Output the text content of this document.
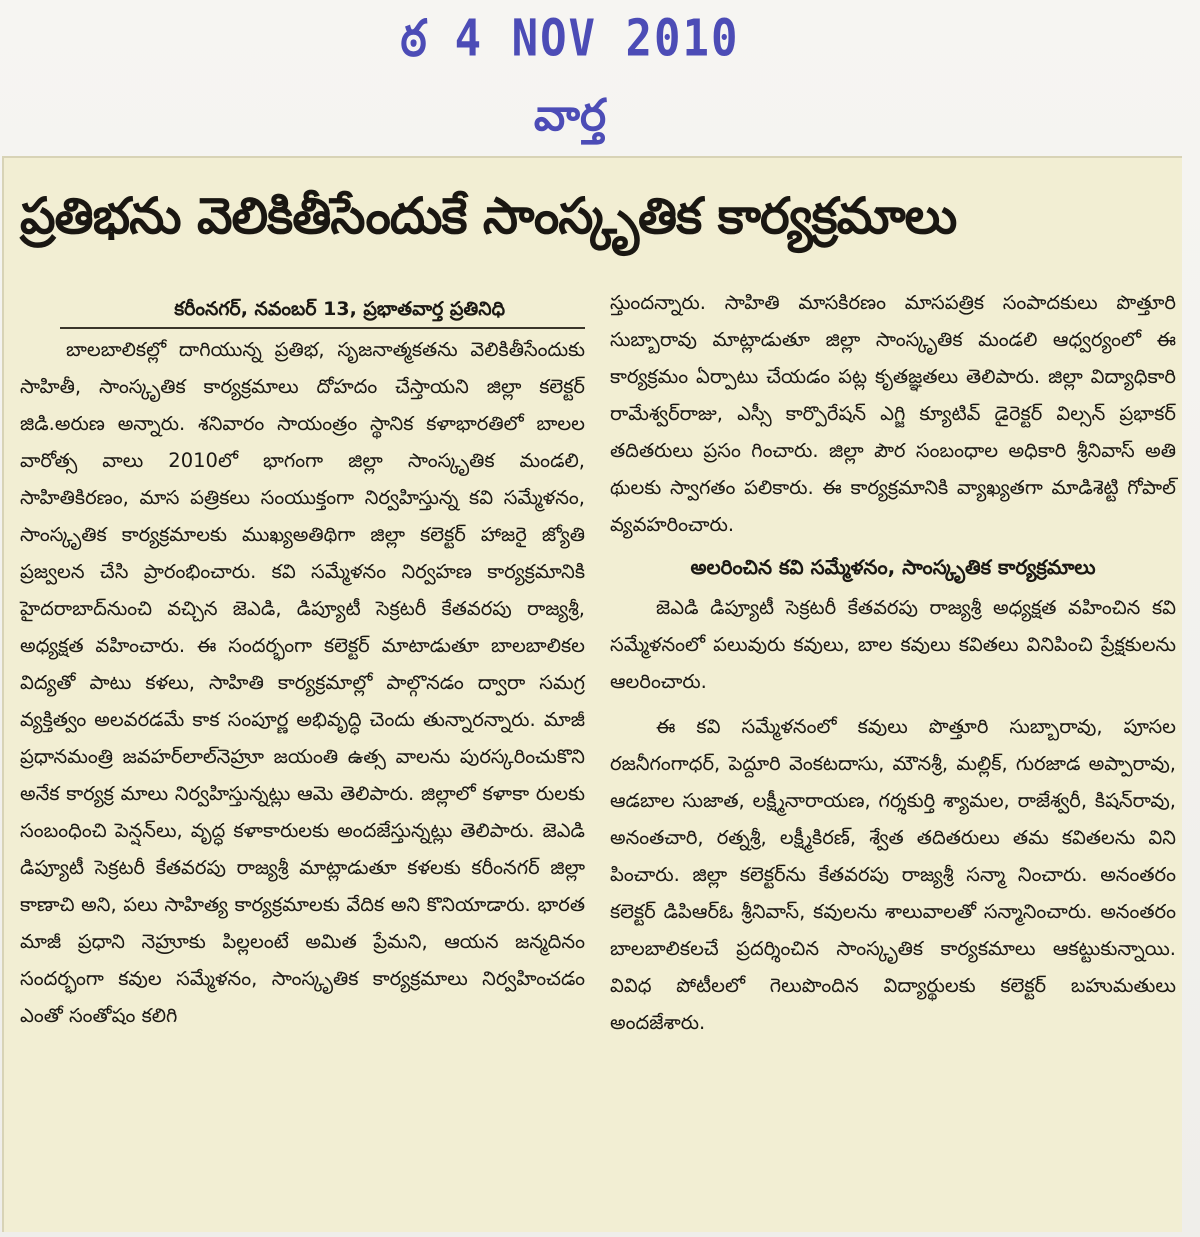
ఠ 4 NOV 2010
వార్త
ప్రతిభను వెలికితీసేందుకే సాంస్కృతిక కార్యక్రమాలు
కరీంనగర్, నవంబర్ 13, ప్రభాతవార్త ప్రతినిధి

బాలబాలికల్లో దాగియున్న ప్రతిభ, సృజనాత్మకతను వెలికితీసేందుకు సాహితీ, సాంస్కృతిక కార్యక్రమాలు దోహదం చేస్తాయని జిల్లా కలెక్టర్ జిడి.అరుణ అన్నారు. శనివారం సాయంత్రం స్థానిక కళాభారతిలో బాలల వారోత్స వాలు 2010లో భాగంగా జిల్లా సాంస్కృతిక మండలి, సాహితికిరణం, మాస పత్రికలు సంయుక్తంగా నిర్వహిస్తున్న కవి సమ్మేళనం, సాంస్కృతిక కార్యక్రమాలకు ముఖ్యఅతిథిగా జిల్లా కలెక్టర్ హాజరై జ్యోతి ప్రజ్వలన చేసి ప్రారంభించారు. కవి సమ్మేళనం నిర్వహణ కార్యక్రమానికి హైదరాబాద్‌నుంచి వచ్చిన జెఎడి, డిప్యూటీ సెక్రటరీ కేతవరపు రాజ్యశ్రీ, అధ్యక్షత వహించారు. ఈ సందర్భంగా కలెక్టర్ మాటాడుతూ బాలబాలికల విద్యతో పాటు కళలు, సాహితి కార్యక్రమాల్లో పాల్గొనడం ద్వారా సమగ్ర వ్యక్తిత్వం అలవరడమే కాక సంపూర్ణ అభివృద్ధి చెందు తున్నారన్నారు. మాజీ ప్రధానమంత్రి జవహర్‌లాల్‌నెహ్రూ జయంతి ఉత్స వాలను పురస్కరించుకొని అనేక కార్యక్ర మాలు నిర్వహిస్తున్నట్లు ఆమె తెలిపారు. జిల్లాలో కళాకా రులకు సంబంధించి పెన్షన్‌లు, వృద్ధ కళాకారులకు అందజేస్తున్నట్లు తెలిపారు. జెఎడి డిప్యూటీ సెక్రటరీ కేతవరపు రాజ్యశ్రీ మాట్లాడుతూ కళలకు కరీంనగర్ జిల్లా కాణాచి అని, పలు సాహిత్య కార్యక్రమాలకు వేదిక అని కొనియాడారు. భారత మాజీ ప్రధాని నెహ్రూకు పిల్లలంటే అమిత ప్రేమని, ఆయన జన్మదినం సందర్భంగా కవుల సమ్మేళనం, సాంస్కృతిక కార్యక్రమాలు నిర్వహించడం ఎంతో సంతోషం కలిగి

స్తుందన్నారు. సాహితి మాసకిరణం మాసపత్రిక సంపాదకులు పొత్తూరి సుబ్బారావు మాట్లాడుతూ జిల్లా సాంస్కృతిక మండలి ఆధ్వర్యంలో ఈ కార్యక్రమం ఏర్పాటు చేయడం పట్ల కృతజ్ఞతలు తెలిపారు. జిల్లా విద్యాధికారి రామేశ్వర్‌రాజు, ఎస్సీ కార్పొరేషన్ ఎగ్జి క్యూటివ్ డైరెక్టర్ విల్సన్ ప్రభాకర్ తదితరులు ప్రసం గించారు. జిల్లా పౌర సంబంధాల అధికారి శ్రీనివాస్ అతి థులకు స్వాగతం పలికారు. ఈ కార్యక్రమానికి వ్యాఖ్యతగా మాడిశెట్టి గోపాల్ వ్యవహరించారు.

అలరించిన కవి సమ్మేళనం, సాంస్కృతిక కార్యక్రమాలు

జెఎడి డిప్యూటీ సెక్రటరీ కేతవరపు రాజ్యశ్రీ అధ్యక్షత వహించిన కవి సమ్మేళనంలో పలువురు కవులు, బాల కవులు కవితలు వినిపించి ప్రేక్షకులను ఆలరించారు.

ఈ కవి సమ్మేళనంలో కవులు పొత్తూరి సుబ్బారావు, పూసల రజనీగంగాధర్, పెద్దూరి వెంకటదాసు, మౌనశ్రీ, మల్లిక్, గురజాడ అప్పారావు, ఆడబాల సుజాత, లక్ష్మీనారాయణ, గర్శకుర్తి శ్యామల, రాజేశ్వరీ, కిషన్‌రావు, అనంతచారి, రత్నశ్రీ, లక్ష్మీకిరణ్, శ్వేత తదితరులు తమ కవితలను విని పించారు. జిల్లా కలెక్టర్‌ను కేతవరపు రాజ్యశ్రీ సన్మా నించారు. అనంతరం కలెక్టర్ డిపిఆర్‌ఓ శ్రీనివాస్, కవులను శాలువాలతో సన్మానించారు. అనంతరం బాలబాలికలచే ప్రదర్శించిన సాంస్కృతిక కార్యకమాలు ఆకట్టుకున్నాయి. వివిధ పోటీలలో గెలుపొందిన విద్యార్థులకు కలెక్టర్ బహుమతులు అందజేశారు.
